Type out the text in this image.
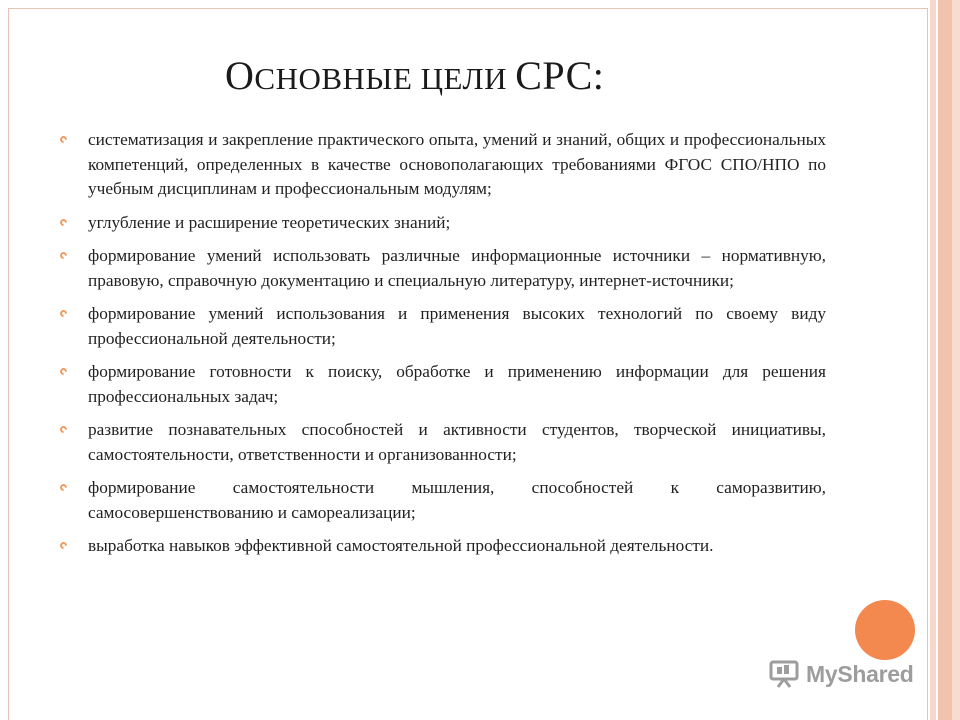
ОСНОВНЫЕ ЦЕЛИ СРС:
систематизация и закрепление практического опыта, умений и знаний, общих и профессиональных компетенций, определенных в качестве основополагающих требованиями ФГОС СПО/НПО по учебным дисциплинам и профессиональным модулям;
углубление и расширение теоретических знаний;
формирование умений использовать различные информационные источники – нормативную, правовую, справочную документацию и специальную литературу, интернет-источники;
формирование умений использования и применения высоких технологий по своему виду профессиональной деятельности;
формирование готовности к поиску, обработке и применению информации для решения профессиональных задач;
развитие познавательных способностей и активности студентов, творческой инициативы, самостоятельности, ответственности и организованности;
формирование самостоятельности мышления, способностей к саморазвитию, самосовершенствованию и самореализации;
выработка навыков эффективной самостоятельной профессиональной деятельности.
MyShared
